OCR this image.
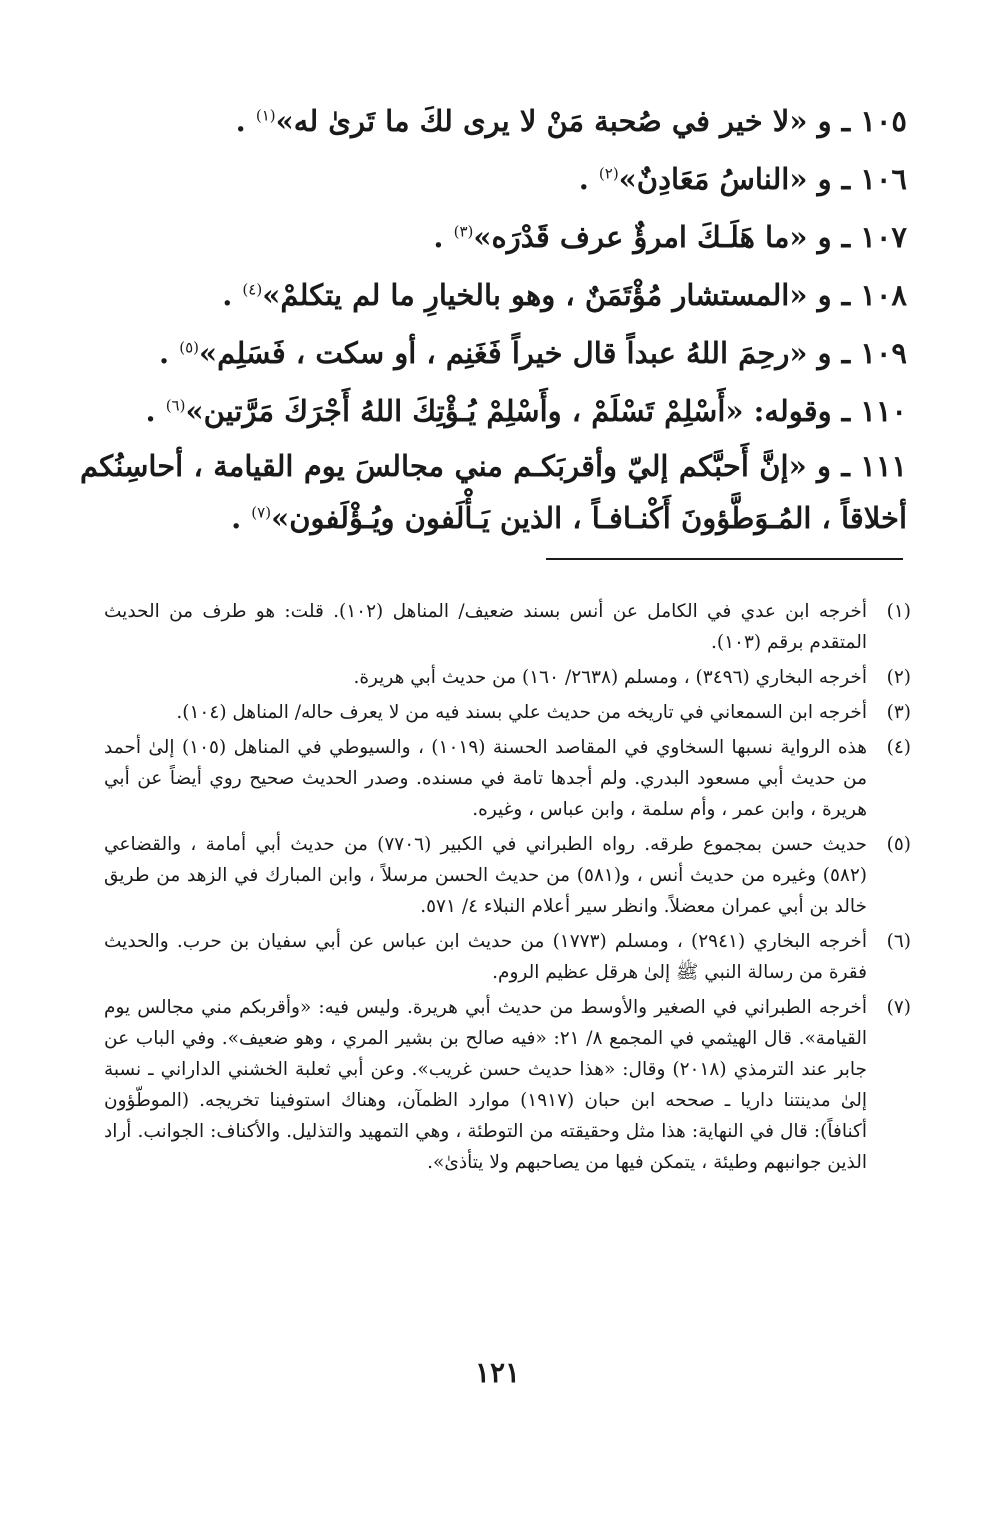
١٠٥ ـ و «لا خير في صُحبة مَنْ لا يرى لكَ ما تَرىٰ له»$^{(١)}$ .

١٠٦ ـ و «الناسُ مَعَادِنٌ»$^{(٢)}$ .

١٠٧ ـ و «ما هَلَـكَ امرؤٌ عرف قَدْرَه»$^{(٣)}$ .

١٠٨ ـ و «المستشار مُؤْتَمَنٌ ، وهو بالخيارِ ما لم يتكلمْ»$^{(٤)}$ .

١٠٩ ـ و «رحِمَ اللهُ عبداً قال خيراً فَغَنِم ، أو سكت ، فَسَلِم»$^{(٥)}$ .

١١٠ ـ وقوله: «أَسْلِمْ تَسْلَمْ ، وأَسْلِمْ يُـؤْتِكَ اللهُ أَجْرَكَ مَرَّتين»$^{(٦)}$ .

١١١ ـ و «إنَّ أَحبَّكم إليّ وأقربَكـم مني مجالسَ يوم القيامة ، أحاسِنُكم أخلاقاً ، المُـوَطَّؤونَ أَكْنـافـاً ، الذين يَـأْلَفون ويُـؤْلَفون»$^{(٧)}$ .

(١)
أخرجه ابن عدي في الكامل عن أنس بسند ضعيف/ المناهل (١٠٢). قلت: هو طرف من الحديث المتقدم برقم (١٠٣).
(٢)
أخرجه البخاري (٣٤٩٦) ، ومسلم (٢٦٣٨/ ١٦٠) من حديث أبي هريرة.
(٣)
أخرجه ابن السمعاني في تاريخه من حديث علي بسند فيه من لا يعرف حاله/ المناهل (١٠٤).
(٤)
هذه الرواية نسبها السخاوي في المقاصد الحسنة (١٠١٩) ، والسيوطي في المناهل (١٠٥) إلىٰ أحمد من حديث أبي مسعود البدري. ولم أجدها تامة في مسنده. وصدر الحديث صحيح روي أيضاً عن أبي هريرة ، وابن عمر ، وأم سلمة ، وابن عباس ، وغيره.
(٥)
حديث حسن بمجموع طرقه. رواه الطبراني في الكبير (٧٧٠٦) من حديث أبي أمامة ، والقضاعي (٥٨٢) وغيره من حديث أنس ، و(٥٨١) من حديث الحسن مرسلاً ، وابن المبارك في الزهد من طريق خالد بن أبي عمران معضلاً. وانظر سير أعلام النبلاء ٤/ ٥٧١.
(٦)
أخرجه البخاري (٢٩٤١) ، ومسلم (١٧٧٣) من حديث ابن عباس عن أبي سفيان بن حرب. والحديث فقرة من رسالة النبي ﷺ إلىٰ هرقل عظيم الروم.
(٧)
أخرجه الطبراني في الصغير والأوسط من حديث أبي هريرة. وليس فيه: «وأقربكم مني مجالس يوم القيامة». قال الهيثمي في المجمع ٨/ ٢١: «فيه صالح بن بشير المري ، وهو ضعيف». وفي الباب عن جابر عند الترمذي (٢٠١٨) وقال: «هذا حديث حسن غريب». وعن أبي ثعلبة الخشني الداراني ـ نسبة إلىٰ مدينتنا داريا ـ صححه ابن حبان (١٩١٧) موارد الظمآن، وهناك استوفينا تخريجه. (الموطّؤون أكنافاً): قال في النهاية: هذا مثل وحقيقته من التوطئة ، وهي التمهيد والتذليل. والأكناف: الجوانب. أراد الذين جوانبهم وطيئة ، يتمكن فيها من يصاحبهم ولا يتأذىٰ».
١٢١
